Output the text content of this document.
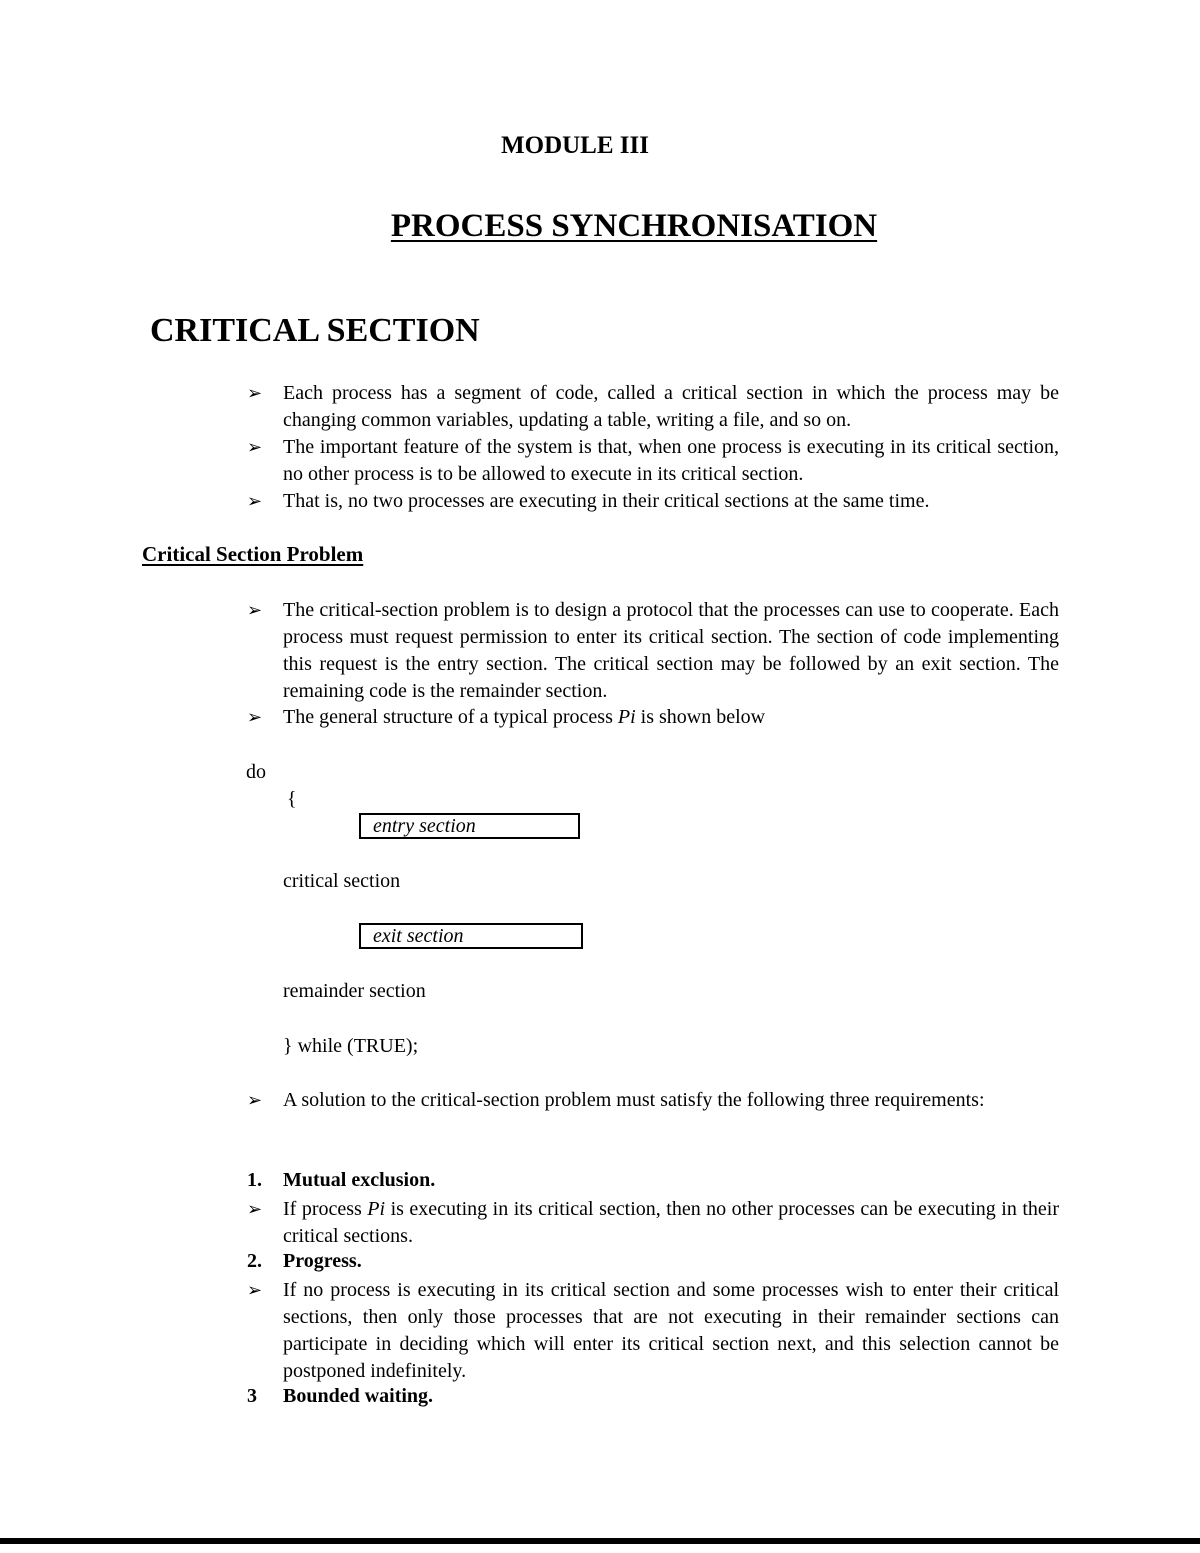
MODULE III
PROCESS SYNCHRONISATION
CRITICAL SECTION
➢	Each process has a segment of code, called a critical section in which the process may be changing common variables, updating a table, writing a file, and so on.
➢	The important feature of the system is that, when one process is executing in its critical section, no other process is to be allowed to execute in its critical section.
➢	That is, no two processes are executing in their critical sections at the same time.
Critical Section Problem
➢	The critical-section problem is to design a protocol that the processes can use to cooperate. Each process must request permission to enter its critical section. The section of code implementing this request is the entry section. The critical section may be followed by an exit section. The remaining code is the remainder section.
➢	The general structure of a typical process Pi is shown below
do
{
entry section
critical section
exit section
remainder section
} while (TRUE);
➢	A solution to the critical-section problem must satisfy the following three requirements:
1. Mutual exclusion.
➢	If process Pi is executing in its critical section, then no other processes can be executing in their critical sections.
2. Progress.
➢	If no process is executing in its critical section and some processes wish to enter their critical sections, then only those processes that are not executing in their remainder sections can participate in deciding which will enter its critical section next, and this selection cannot be postponed indefinitely.
3 Bounded waiting.
